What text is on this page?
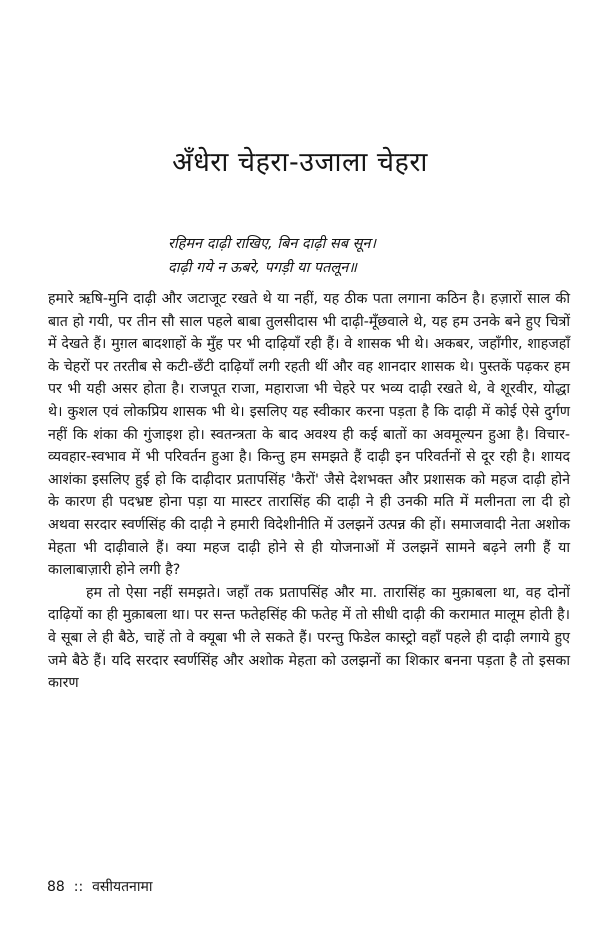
अँधेरा चेहरा-उजाला चेहरा
रहिमन दाढ़ी राखिए, बिन दाढ़ी सब सून।
दाढ़ी गये न ऊबरे, पगड़ी या पतलून॥

हमारे ऋषि-मुनि दाढ़ी और जटाजूट रखते थे या नहीं, यह ठीक पता लगाना कठिन है। हज़ारों साल की बात हो गयी, पर तीन सौ साल पहले बाबा तुलसीदास भी दाढ़ी-मूँछवाले थे, यह हम उनके बने हुए चित्रों में देखते हैं। मुग़ल बादशाहों के मुँह पर भी दाढ़ियाँ रही हैं। वे शासक भी थे। अकबर, जहाँगीर, शाहजहाँ के चेहरों पर तरतीब से कटी-छँटी दाढ़ियाँ लगी रहती थीं और वह शानदार शासक थे। पुस्तकें पढ़कर हम पर भी यही असर होता है। राजपूत राजा, महाराजा भी चेहरे पर भव्य दाढ़ी रखते थे, वे शूरवीर, योद्धा थे। कुशल एवं लोकप्रिय शासक भी थे। इसलिए यह स्वीकार करना पड़ता है कि दाढ़ी में कोई ऐसे दुर्गण नहीं कि शंका की गुंजाइश हो। स्वतन्त्रता के बाद अवश्य ही कई बातों का अवमूल्यन हुआ है। विचार-व्यवहार-स्वभाव में भी परिवर्तन हुआ है। किन्तु हम समझते हैं दाढ़ी इन परिवर्तनों से दूर रही है। शायद आशंका इसलिए हुई हो कि दाढ़ीदार प्रतापसिंह 'कैरों' जैसे देशभक्त और प्रशासक को महज दाढ़ी होने के कारण ही पदभ्रष्ट होना पड़ा या मास्टर तारासिंह की दाढ़ी ने ही उनकी मति में मलीनता ला दी हो अथवा सरदार स्वर्णसिंह की दाढ़ी ने हमारी विदेशीनीति में उलझनें उत्पन्न की हों। समाजवादी नेता अशोक मेहता भी दाढ़ीवाले हैं। क्या महज दाढ़ी होने से ही योजनाओं में उलझनें सामने बढ़ने लगी हैं या कालाबाज़ारी होने लगी है?

हम तो ऐसा नहीं समझते। जहाँ तक प्रतापसिंह और मा. तारासिंह का मुक़ाबला था, वह दोनों दाढ़ियों का ही मुक़ाबला था। पर सन्त फतेहसिंह की फतेह में तो सीधी दाढ़ी की करामात मालूम होती है। वे सूबा ले ही बैठे, चाहें तो वे क्यूबा भी ले सकते हैं। परन्तु फिडेल कास्ट्रो वहाँ पहले ही दाढ़ी लगाये हुए जमे बैठे हैं। यदि सरदार स्वर्णसिंह और अशोक मेहता को उलझनों का शिकार बनना पड़ता है तो इसका कारण

88 :: वसीयतनामा
